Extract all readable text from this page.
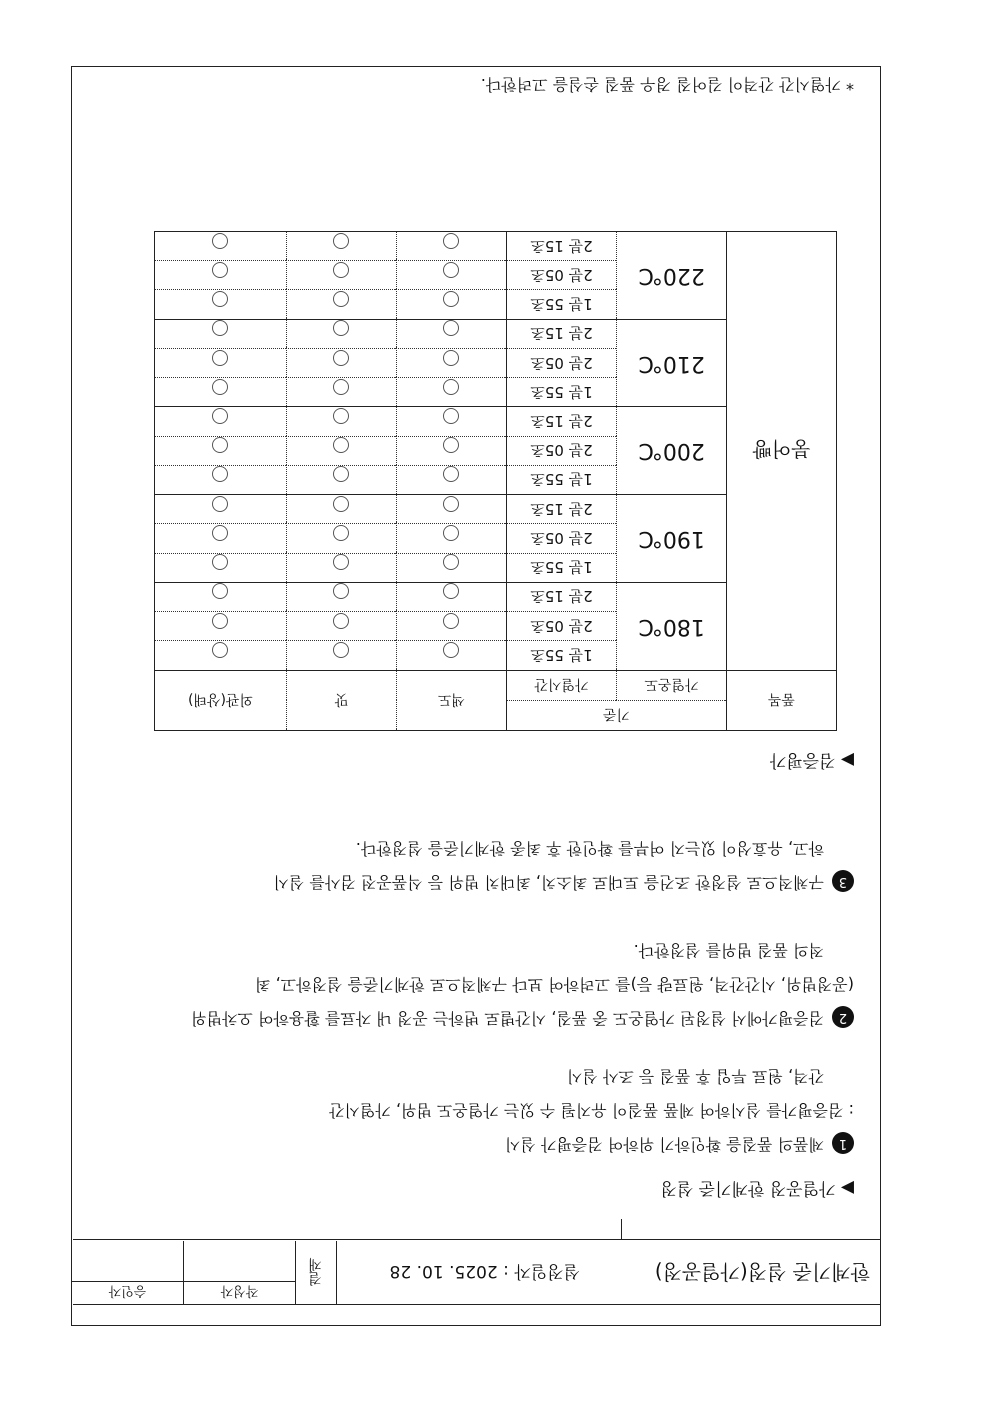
한계기준 설정(가열공정)
설정일자 : 2025. 10. 28
결재
작성자
승인자
▶ 가열공정 한계기준 설정
1제품의 품질을 확인하기 위하여 검증평가 실시
: 검증평가를 실시하여 제품 품질이 유지될 수 있는 가열온도 범위, 가열시간
간격, 원료 투입 후 품질 등 조사 실시
2검증평가에서 설정된 가열온도 중 품질, 시간별로 변하는 공정 내 자료를 활용하여 오차범위
(공정범위, 시간간격, 원료량 등)를 고려하여 보다 구체적으로 한계기준을 설정하고, 최
적의 품질 범위를 설정한다.
3구체적으로 설정한 조건을 토대로 최소치, 최대치 범위 등 식품공전 검사를 실시
하고, 유효성이 있는지 여부를 확인한 후 최종 한계기준을 설정한다.
▶ 검증평가
품목	기준		색도	맛	외관(상태)
	가열온도	가열시간			
붕어빵	180℃	1분 55초			
		2분 05초			
		2분 15초			
	190℃	1분 55초			
		2분 05초			
		2분 15초			
	200℃	1분 55초			
		2분 05초			
		2분 15초			
	210℃	1분 55초			
		2분 05초			
		2분 15초			
	220℃	1분 55초			
		2분 05초			
		2분 15초			
* 가열시간 간격이 길어질 경우 품질 손실을 고려한다.
